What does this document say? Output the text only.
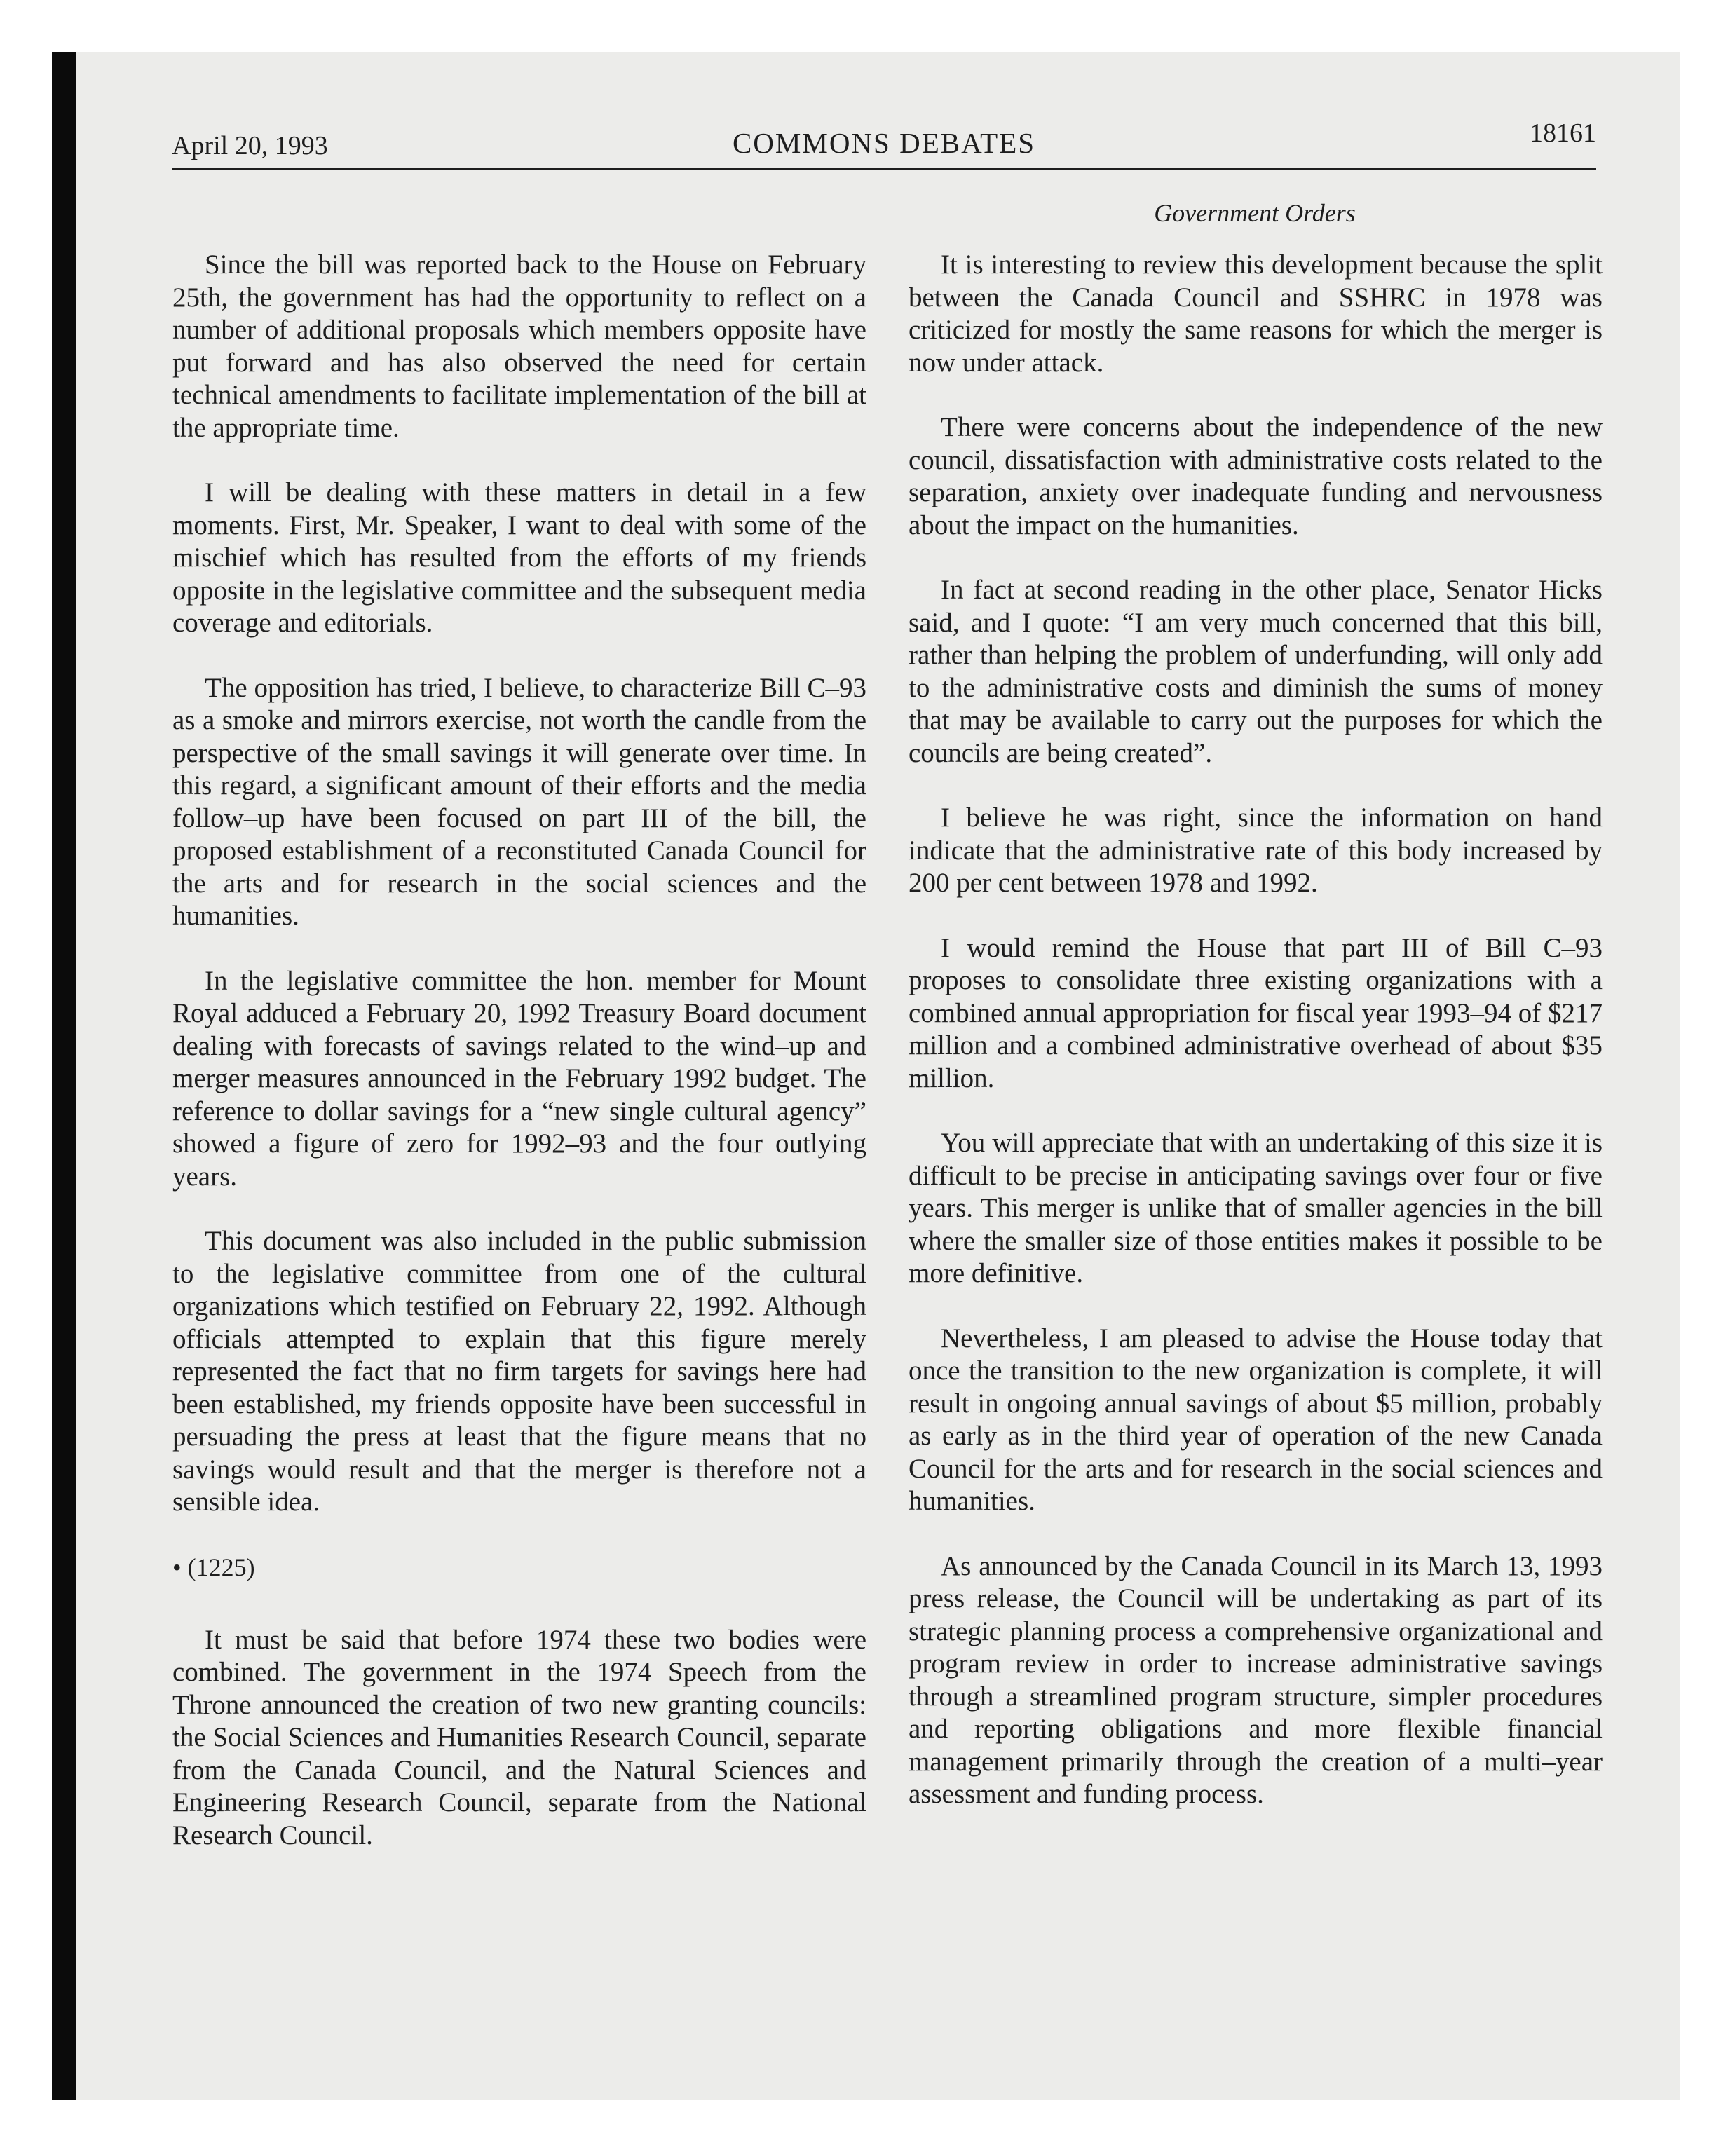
April 20, 1993	COMMONS DEBATES	18161
Government Orders

Since the bill was reported back to the House on February 25th, the government has had the opportunity to reflect on a number of additional proposals which members opposite have put forward and has also observed the need for certain technical amendments to facilitate implementation of the bill at the appropriate time.

I will be dealing with these matters in detail in a few moments. First, Mr. Speaker, I want to deal with some of the mischief which has resulted from the efforts of my friends opposite in the legislative committee and the subsequent media coverage and editorials.

The opposition has tried, I believe, to characterize Bill C–93 as a smoke and mirrors exercise, not worth the candle from the perspective of the small savings it will generate over time. In this regard, a significant amount of their efforts and the media follow–up have been focused on part III of the bill, the proposed establishment of a reconstituted Canada Council for the arts and for research in the social sciences and the humanities.

In the legislative committee the hon. member for Mount Royal adduced a February 20, 1992 Treasury Board document dealing with forecasts of savings related to the wind–up and merger measures announced in the February 1992 budget. The reference to dollar savings for a “new single cultural agency” showed a figure of zero for 1992–93 and the four outlying years.

This document was also included in the public submission to the legislative committee from one of the cultural organizations which testified on February 22, 1992. Although officials attempted to explain that this figure merely represented the fact that no firm targets for savings here had been established, my friends opposite have been successful in persuading the press at least that the figure means that no savings would result and that the merger is therefore not a sensible idea.

• (1225)

It must be said that before 1974 these two bodies were combined. The government in the 1974 Speech from the Throne announced the creation of two new granting councils: the Social Sciences and Humanities Research Council, separate from the Canada Council, and the Natural Sciences and Engineering Research Council, separate from the National Research Council.

It is interesting to review this development because the split between the Canada Council and SSHRC in 1978 was criticized for mostly the same reasons for which the merger is now under attack.

There were concerns about the independence of the new council, dissatisfaction with administrative costs related to the separation, anxiety over inadequate funding and nervousness about the impact on the humanities.

In fact at second reading in the other place, Senator Hicks said, and I quote: “I am very much concerned that this bill, rather than helping the problem of underfunding, will only add to the administrative costs and diminish the sums of money that may be available to carry out the purposes for which the councils are being created”.

I believe he was right, since the information on hand indicate that the administrative rate of this body increased by 200 per cent between 1978 and 1992.

I would remind the House that part III of Bill C–93 proposes to consolidate three existing organizations with a combined annual appropriation for fiscal year 1993–94 of $217 million and a combined administrative overhead of about $35 million.

You will appreciate that with an undertaking of this size it is difficult to be precise in anticipating savings over four or five years. This merger is unlike that of smaller agencies in the bill where the smaller size of those entities makes it possible to be more definitive.

Nevertheless, I am pleased to advise the House today that once the transition to the new organization is complete, it will result in ongoing annual savings of about $5 million, probably as early as in the third year of operation of the new Canada Council for the arts and for research in the social sciences and humanities.

As announced by the Canada Council in its March 13, 1993 press release, the Council will be undertaking as part of its strategic planning process a comprehensive organizational and program review in order to increase administrative savings through a streamlined program structure, simpler procedures and reporting obligations and more flexible financial management primarily through the creation of a multi–year assessment and funding process.
